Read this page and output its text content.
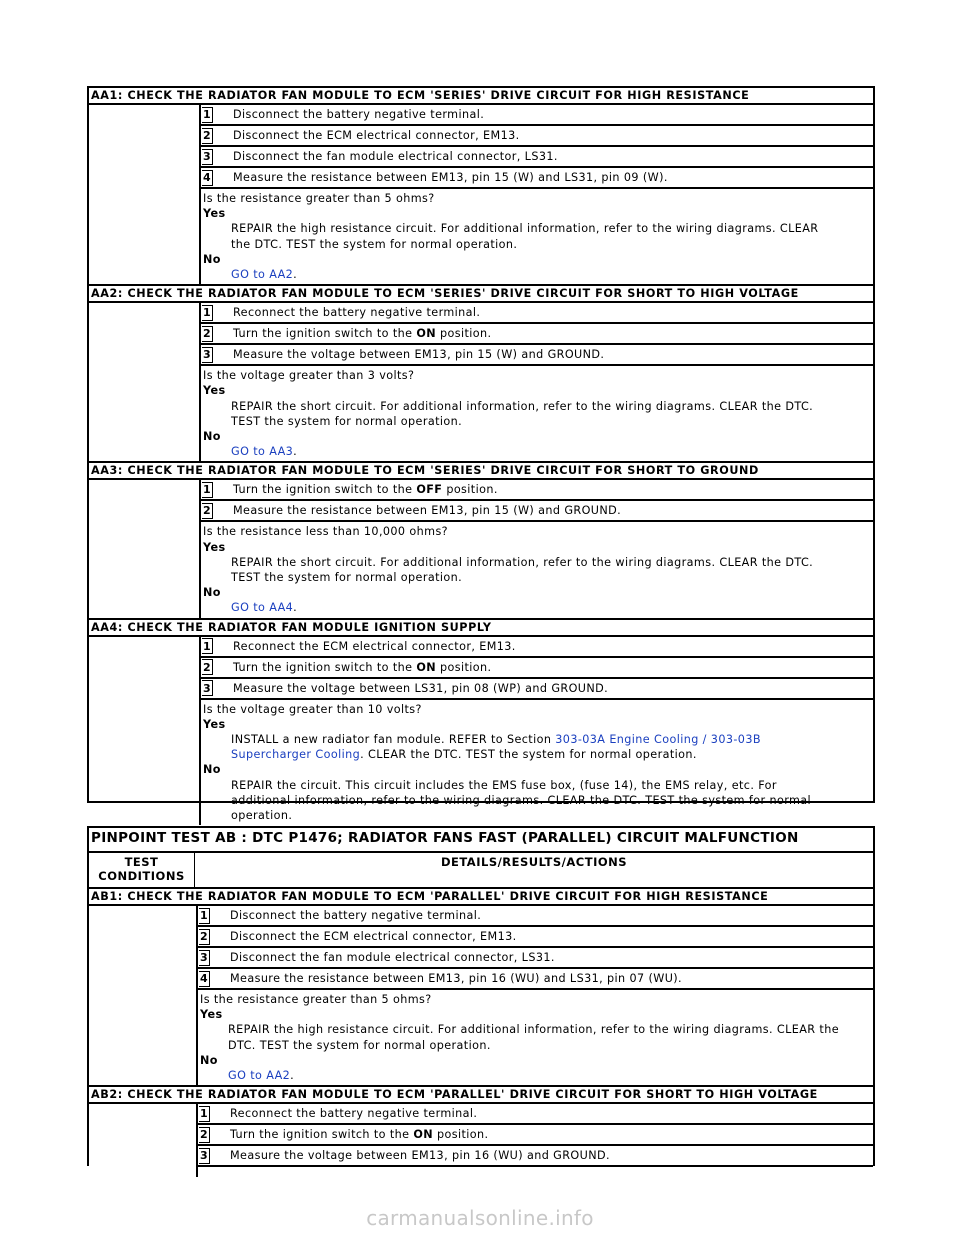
AA1: CHECK THE RADIATOR FAN MODULE TO ECM 'SERIES' DRIVE CIRCUIT FOR HIGH RESISTANCE
1 Disconnect the battery negative terminal.
2 Disconnect the ECM electrical connector, EM13.
3 Disconnect the fan module electrical connector, LS31.
4 Measure the resistance between EM13, pin 15 (W) and LS31, pin 09 (W).
Is the resistance greater than 5 ohms?
Yes
REPAIR the high resistance circuit. For additional information, refer to the wiring diagrams. CLEAR
the DTC. TEST the system for normal operation.
No
GO to AA2.
AA2: CHECK THE RADIATOR FAN MODULE TO ECM 'SERIES' DRIVE CIRCUIT FOR SHORT TO HIGH VOLTAGE
1 Reconnect the battery negative terminal.
2 Turn the ignition switch to the ON position.
3 Measure the voltage between EM13, pin 15 (W) and GROUND.
Is the voltage greater than 3 volts?
Yes
REPAIR the short circuit. For additional information, refer to the wiring diagrams. CLEAR the DTC.
TEST the system for normal operation.
No
GO to AA3.
AA3: CHECK THE RADIATOR FAN MODULE TO ECM 'SERIES' DRIVE CIRCUIT FOR SHORT TO GROUND
1 Turn the ignition switch to the OFF position.
2 Measure the resistance between EM13, pin 15 (W) and GROUND.
Is the resistance less than 10,000 ohms?
Yes
REPAIR the short circuit. For additional information, refer to the wiring diagrams. CLEAR the DTC.
TEST the system for normal operation.
No
GO to AA4.
AA4: CHECK THE RADIATOR FAN MODULE IGNITION SUPPLY
1 Reconnect the ECM electrical connector, EM13.
2 Turn the ignition switch to the ON position.
3 Measure the voltage between LS31, pin 08 (WP) and GROUND.
Is the voltage greater than 10 volts?
Yes
INSTALL a new radiator fan module. REFER to Section 303-03A Engine Cooling / 303-03B
Supercharger Cooling. CLEAR the DTC. TEST the system for normal operation.
No
REPAIR the circuit. This circuit includes the EMS fuse box, (fuse 14), the EMS relay, etc. For
additional information, refer to the wiring diagrams. CLEAR the DTC. TEST the system for normal
operation.
PINPOINT TEST AB : DTC P1476; RADIATOR FANS FAST (PARALLEL) CIRCUIT MALFUNCTION
TEST
CONDITIONS
DETAILS/RESULTS/ACTIONS
AB1: CHECK THE RADIATOR FAN MODULE TO ECM 'PARALLEL' DRIVE CIRCUIT FOR HIGH RESISTANCE
1 Disconnect the battery negative terminal.
2 Disconnect the ECM electrical connector, EM13.
3 Disconnect the fan module electrical connector, LS31.
4 Measure the resistance between EM13, pin 16 (WU) and LS31, pin 07 (WU).
Is the resistance greater than 5 ohms?
Yes
REPAIR the high resistance circuit. For additional information, refer to the wiring diagrams. CLEAR the
DTC. TEST the system for normal operation.
No
GO to AA2.
AB2: CHECK THE RADIATOR FAN MODULE TO ECM 'PARALLEL' DRIVE CIRCUIT FOR SHORT TO HIGH VOLTAGE
1 Reconnect the battery negative terminal.
2 Turn the ignition switch to the ON position.
3 Measure the voltage between EM13, pin 16 (WU) and GROUND.
carmanualsonline.info
